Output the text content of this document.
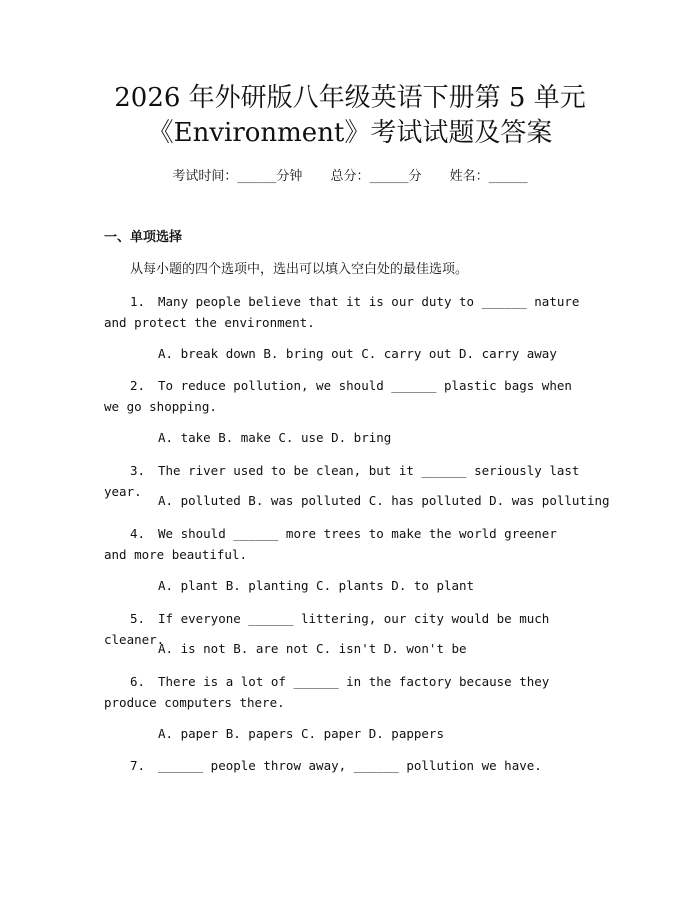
2026 年外研版八年级英语下册第 5 单元
《Environment》考试试题及答案
考试时间：______分钟 总分：______分 姓名：______
一、单项选择
从每小题的四个选项中，选出可以填入空白处的最佳选项。
1. Many people believe that it is our duty to ______ nature and protect the environment.
A. break down B. bring out C. carry out D. carry away
2. To reduce pollution, we should ______ plastic bags when we go shopping.
A. take B. make C. use D. bring
3. The river used to be clean, but it ______ seriously last year.
A. polluted B. was polluted C. has polluted D. was polluting
4. We should ______ more trees to make the world greener and more beautiful.
A. plant B. planting C. plants D. to plant
5. If everyone ______ littering, our city would be much cleaner.
A. is not B. are not C. isn't D. won't be
6. There is a lot of ______ in the factory because they produce computers there.
A. paper B. papers C. paper D. pappers
7. ______ people throw away, ______ pollution we have.
